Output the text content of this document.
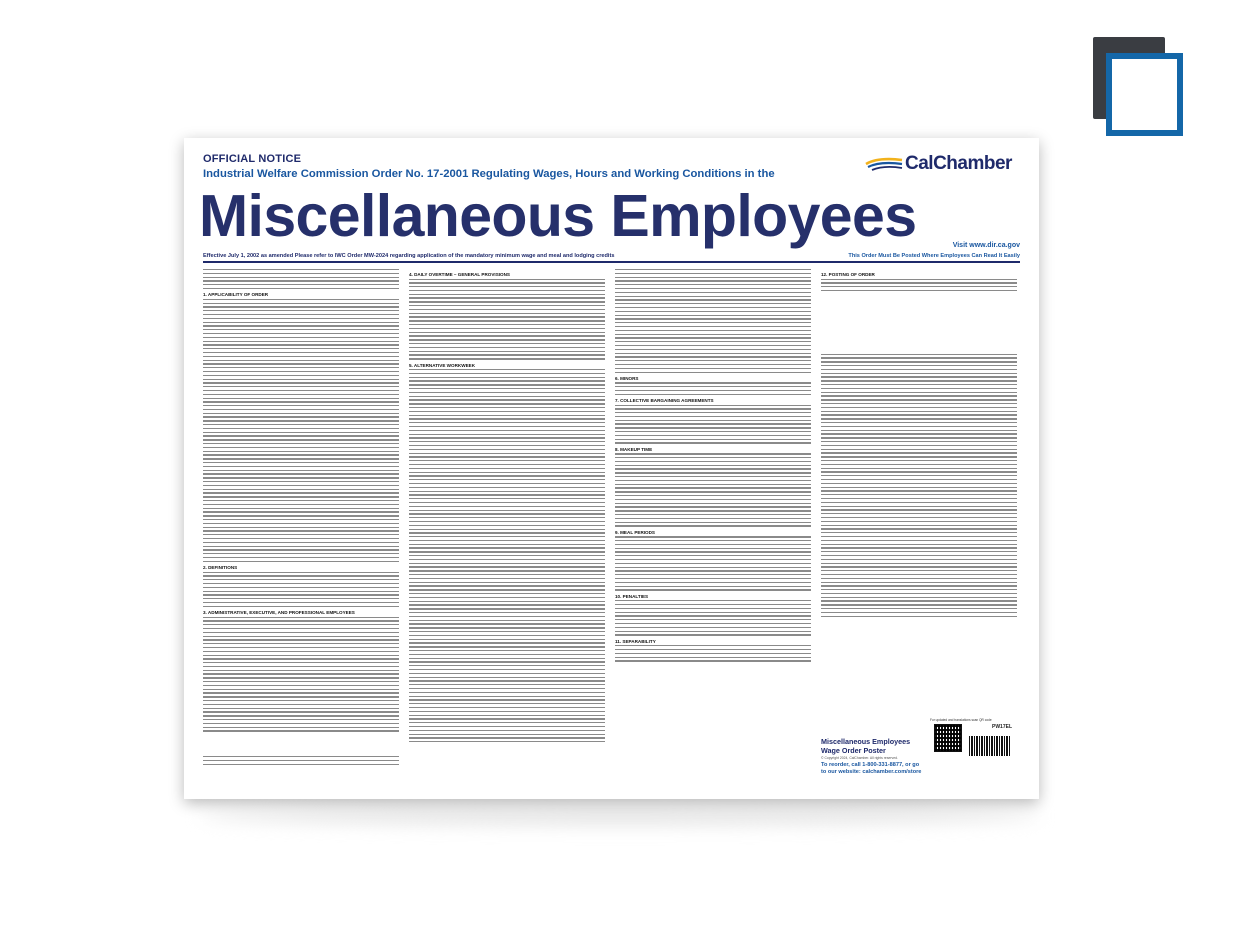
OFFICIAL NOTICE
Industrial Welfare Commission Order No. 17-2001 Regulating Wages, Hours and Working Conditions in the
Miscellaneous Employees
CalChamber
Visit www.dir.ca.gov
Effective July 1, 2002 as amended Please refer to IWC Order MW-2024 regarding application of the mandatory minimum wage and meal and lodging credits	This Order Must Be Posted Where Employees Can Read It Easily
1. APPLICABILITY OF ORDER
2. DEFINITIONS
3. ADMINISTRATIVE, EXECUTIVE, AND PROFESSIONAL EMPLOYEES
4. DAILY OVERTIME – GENERAL PROVISIONS
5. ALTERNATIVE WORKWEEK
6. MINORS
7. COLLECTIVE BARGAINING AGREEMENTS
8. MAKEUP TIME
9. MEAL PERIODS
10. PENALTIES
11. SEPARABILITY
12. POSTING OF ORDER
For updated and translations scan QR code
PW17EL
Miscellaneous Employees
Wage Order Poster
© Copyright 2024, CalChamber. All rights reserved.
To reorder, call 1-800-331-8877, or go
to our website: calchamber.com/store
